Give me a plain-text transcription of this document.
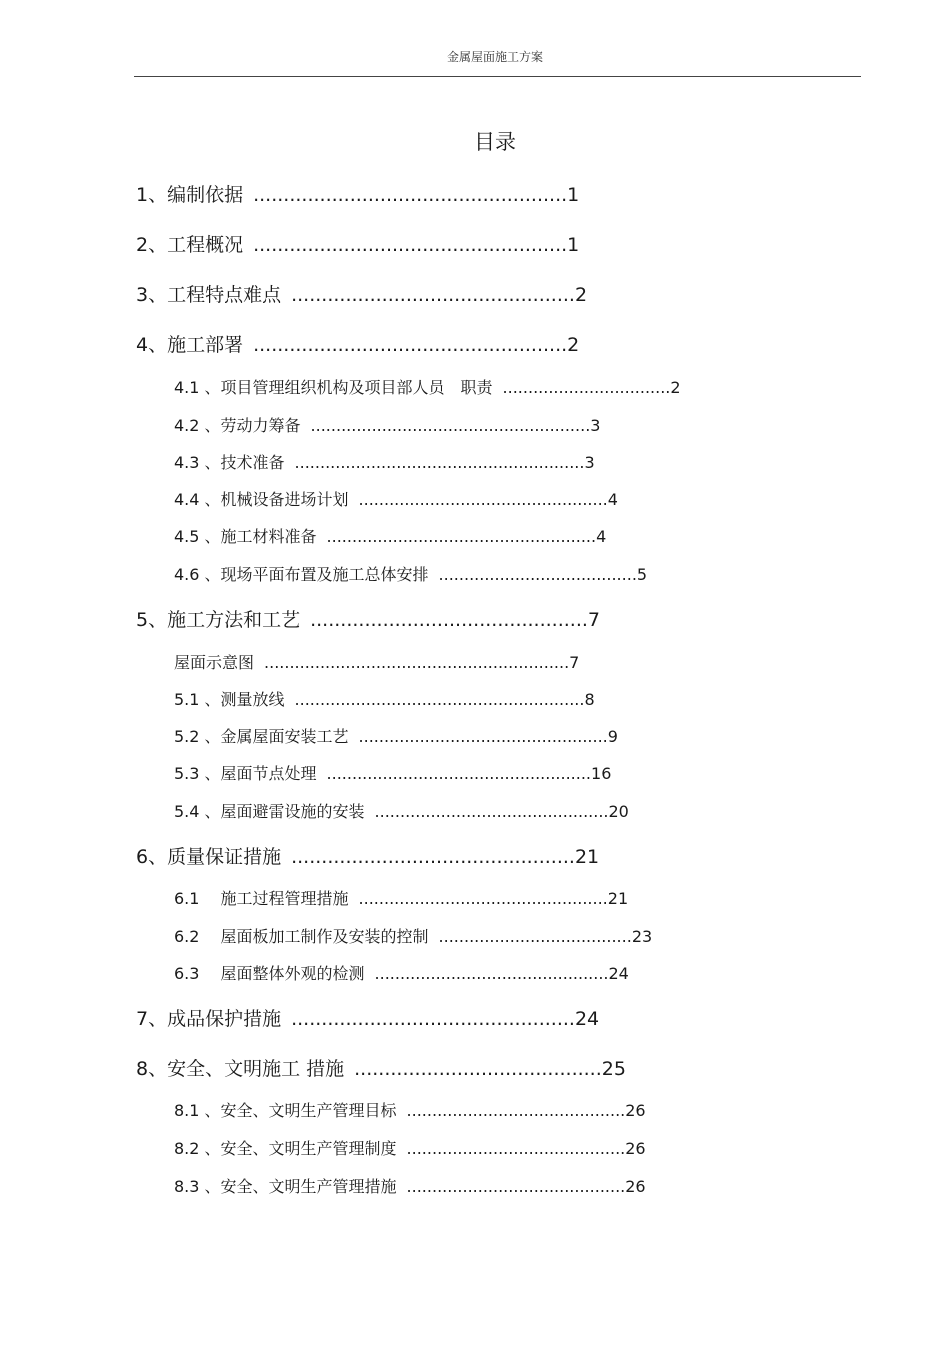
金属屋面施工方案
目录
1、编制依据 ....................................................1
2、工程概况 ....................................................1
3、工程特点难点 ...............................................2
4、施工部署 ....................................................2
4.1 、项目管理组织机构及项目部人员　职责 .................................2
4.2 、劳动力筹备 .......................................................3
4.3 、技术准备 .........................................................3
4.4 、机械设备进场计划 .................................................4
4.5 、施工材料准备 .....................................................4
4.6 、现场平面布置及施工总体安排 .......................................5
5、施工方法和工艺 ..............................................7
屋面示意图 ............................................................7
5.1 、测量放线 .........................................................8
5.2 、金属屋面安装工艺 .................................................9
5.3 、屋面节点处理 ....................................................16
5.4 、屋面避雷设施的安装 ..............................................20
6、质量保证措施 ...............................................21
6.1 　施工过程管理措施 .................................................21
6.2 　屋面板加工制作及安装的控制 ......................................23
6.3 　屋面整体外观的检测 ..............................................24
7、成品保护措施 ...............................................24
8、安全、文明施工 措施 .........................................25
8.1 、安全、文明生产管理目标 ...........................................26
8.2 、安全、文明生产管理制度 ...........................................26
8.3 、安全、文明生产管理措施 ...........................................26
